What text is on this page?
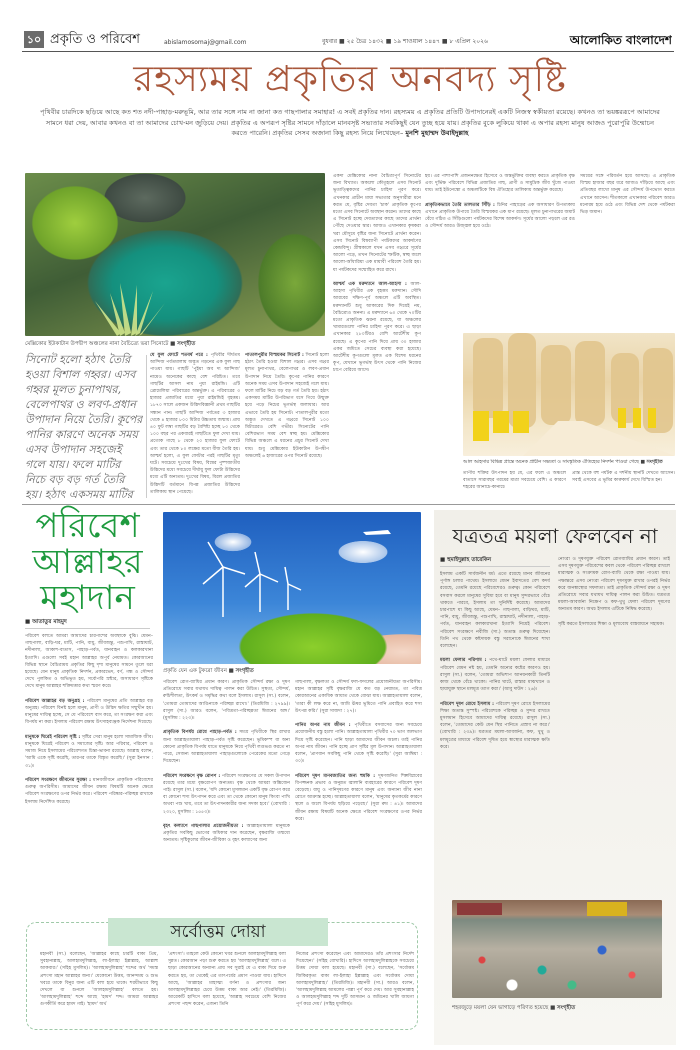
১০ প্রকৃতি ও পরিবেশ	abislamosomaj@gmail.com	বুধবার ■ ২৫ চৈত্র ১৪৩২ ■ ১৯ শাওয়াল ১৪৪৭ ■ ৮ এপ্রিল ২০২৬	আলোকিত বাংলাদেশ
রহস্যময় প্রকৃতির অনবদ্য সৃষ্টি
পৃথিবীর চারদিকে ছড়িয়ে আছে কত শত নদী-পাহাড়-মরুভূমি, আর তার সঙ্গে নাম না জানা কত গাছপালার সমাহার! এ সবই প্রকৃতির দান। রহস্যময় এ প্রকৃতির প্রতিটি উপাদানেরই একটি নিজস্ব স্বকীয়তা রয়েছে। কখনও তা ভয়ঙ্কররূপে আমাদের সামনে ধরা দেয়, আবার কখনও বা তা আমাদের চোখ-মন জুড়িয়ে দেয়। প্রকৃতির এ অপরূপ সৃষ্টির সামনে দাঁড়ালে মানবসৃষ্ট সভ্যতার সবকিছুই যেন তুচ্ছ হয়ে যায়। প্রকৃতির বুকে লুকিয়ে থাকা এ অপার রহস্য মানুষ আজও পুরোপুরি উন্মোচন করতে পারেনি। প্রকৃতির সেসব অজানা কিছু রহস্য নিয়ে লিখেছেন– মুনশি মুহাম্মদ উবাইদুল্লাহ
মেক্সিকোর ইউকাটান উপদ্বীপ অঞ্চলের নানা বৈচিত্র্যে ভরা সিনোটে ■ সংগৃহীত
সিনোট হলো হঠাৎ তৈরি হওয়া বিশাল গহ্বর। এসব গহ্বর মূলত চুনাপাথর, বেলেপাথর ও লবণ-প্রধান উপাদান নিয়ে তৈরি। কূপের পানির কারণে অনেক সময় এসব উপাদান সহজেই গলে যায়। ফলে মাটির নিচে বড় বড় গর্ত তৈরি হয়। হঠাৎ একসময় মাটির
যে ফুল ফোটে শতবর্ষ পরে : পৃথিবীর দীর্ঘতম আন্দিজ পর্বতমালায় অদ্ভুত গড়নের এক ফুল গাছ পাওয়া যায়। গাছটি 'পুইয়া অব দ্য আন্দিজ' নামেও অনেকের কাছে বেশ পরিচিত। তবে গাছটির আসল নাম পুয়া রাইমন্ডি। এটি ব্রোমেলিয়া পরিবারের অন্তর্ভুক্ত। এ পরিবারের ৩ হাজার প্রজাতির মধ্যে পুয়া রাইমন্ডিই বৃহত্তম। ১৮৭০ সালে একজন উদ্ভিদবিজ্ঞানী প্রথম গাছটির সন্ধান পান। গাছটি আন্দিজ পর্বতের ৩ হাজার থেকে ৪ হাজার ৮০০ মিটার উচ্চতায় জন্মায়। প্রায় ৪০ ফুট লম্বা গাছটির বড় বৈশিষ্ট্য হচ্ছে ৮০ থেকে ১০০ বছর পর একবারই গাছটিতে ফুল দেখা যায়। প্রত্যেক গাছে ৮ থেকে ২০ হাজার ফুল ফোটে এবং তার থেকে ৮০ লক্ষের মতো বীজ তৈরি হয়। আশ্চর্য হলো, এ ফুল ফোটার পরই গাছটির মৃত্যু ঘটে। সবচেয়ে দুঃখের বিষয়, বিশ্বের পুষ্পজাতীয় উদ্ভিদের মধ্যে সবচেয়ে দীর্ঘায়ু ফুল ফোটা উদ্ভিদের মধ্যে এটি অন্যতম। দুঃখের বিষয়, বিরল প্রজাতির উদ্ভিদটি বর্তমানে বিপন্ন প্রজাতির উদ্ভিদের তালিকায় স্থান পেয়েছে।
পাতালপুরীর বিস্ময়কর সিনোট : সিনোট হলো হঠাৎ তৈরি হওয়া বিশাল গহ্বর। এসব গহ্বর মূলত চুনাপাথর, বেলেপাথর ও লবণ-প্রধান উপাদান নিয়ে তৈরি। কূপের পানির কারণে অনেক সময় এসব উপাদান সহজেই গলে যায়। ফলে মাটির নিচে বড় বড় গর্ত তৈরি হয়। হঠাৎ একসময় মাটির উপরিভাগ ধসে গিয়ে উন্মুক্ত হয়ে পড়ে নিচের ভূগর্ভস্থ জলাধার। আর এভাবে তৈরি হয় সিনোট। পাতালপুরীর মতো অদ্ভুত দেখতে এ গহ্বরে সিনোট ১০০ মিটারেরও বেশি গভীর। সিনোটের পানি বেশিরভাগ সময় বেশ স্বচ্ছ হয়। মেক্সিকোর বিভিন্ন অঞ্চলে এ ধরনের প্রচুর সিনোট দেখা যায়। শুধু মেক্সিকোর ইউকাটান উপদ্বীপ অঞ্চলেই ৬ হাজারের ওপর সিনোট রয়েছে।
একদা মেক্সিকোর নানা বৈচিত্র্যপূর্ণ সিনোটের জন্য বিখ্যাত। অকলো কৌতূহলে এসব সিনোট ভূতাত্ত্বিকদের পানির চাহিদা পূরণ করে। এখনকার প্রাচীন মায়া সভ্যতার অনুসারীরা মনে করত যে, বৃষ্টির দেবতা 'চাক' প্রাকৃতিক কূপের মতো এসব সিনোটে অবস্থান করেন। তাদের কাছে এ সিনোট হচ্ছে দেবতাদের কাছে তাদের প্রার্থনা পৌঁছে দেওয়ার দ্বার। আজও এখানকার কৃষকরা খরা মৌসুমে বৃষ্টির জন্য সিনোটে প্রার্থনা করেন। এসব সিনোট বিশ্বব্যাপী পর্যটকদের আকর্ষণের কেন্দ্রবিন্দু। গ্রীষ্মকালে যখন এসব গহ্বরে সূর্যের আলো পড়ে, তখন সিনোটের স্ফটিক, স্বচ্ছ জলে আলো-আঁধারিয়া এক মায়াবী পরিবেশ তৈরি হয়। যা পর্যটকদের সম্মোহিত করে রাখে।

আশ্চর্য এক মরুদ্যানে আল-আহসা : আল-আহসা পৃথিবীর এক বৃহত্তম মরুদ্যান। সৌদি আরবের দক্ষিণ-পূর্ব অঞ্চলে এটি অবস্থিত। মরুদ্যানটি শুধু আকারের দিক দিয়েই নয়, বৈচিত্র্যেও অনন্য। এ মরুদ্যানে ৬০ থেকে ৭০টির মতো প্রাকৃতিক ঝরনা রয়েছে, যা অঞ্চলের খামারগুলো পানির চাহিদা পূরণ করে। এ ছাড়া এখানকার ২৮০টিরও বেশি আর্টেশীয় কূপ রয়েছে। এ কূপের পানি দিয়ে প্রায় ৩০ হাজার একর জমিতে সেচের ব্যবস্থা করা হয়েছে। আর্টেশীয় কূপগুলো মূলত এক বিশেষ ধরনের কূপ, যেখানে ভূগর্ভস্থ উৎস থেকে পানি নিজের চাপে বেরিয়ে আসে।
হয়। এর পাশাপাশি প্রজননক্ষেত্র হিসেবে ও অন্তর্ভুক্তির ব্যবস্থা করতে প্রাকৃতিক বৃক্ষ এবং দুর্ভিক্ষ পরিবেশে বিভিন্ন প্রজাতির গাছ, প্রাণী ও সামুদ্রিক জীব খুঁজে পাওয়া যায়। তাই ইউনেস্কো এ অঞ্চলটিকে বিশ্ব ঐতিহ্যের তালিকায় অন্তর্ভুক্ত করেছে।

প্রাকৃতিকভাবে তৈরি তালতার সিঁড়ি : চিনির পাহাড়ের এক অসাধারণ উপত্যকায় এখানে প্রাকৃতিক উপায়ে তৈরি বিস্ময়কর এক ধাপ রয়েছে। মূলত চুনাপাথরের জমাট বেঁধে গঠিত এ সিঁড়িগুলো পর্যটকদের বিশেষ আকর্ষণ। সূর্যের আলো পড়লে এর রঙ ও সৌন্দর্য আরও উজ্জ্বল হয়ে ওঠে।
সময়ের সঙ্গে পরিবর্তন হয়ে আসছে। এ প্রাকৃতিক বিস্ময় হাজার বছর ধরে আজও দাঁড়িয়ে আছে এবং প্রতিবছর লাখো মানুষ এর সৌন্দর্য উপভোগ করতে এখানে আসেন। শীতকালে এখানকার পরিবেশ আরও মনোরম হয়ে ওঠে এবং বিভিন্ন দেশ থেকে পর্যটকরা ভিড় জমান।
আল আহসার বিভিন্ন প্রান্তে অনেক প্রাচীন সভ্যতা ও সাংস্কৃতিক ঐতিহ্যের নিদর্শন পাওয়া গেছে ■ সংগৃহীত
তাপীয় শক্তির উৎপাদন হয় যে, এর ফলে এ অঞ্চলে বাতাসে সারাবছর গরমের মাত্রা সবচেয়ে বেশি। এ কারণে শহরের আনাচে-কানাচে
প্রান্ত থেকে বহু পর্যটক এ দর্শনীয় স্থানটি দেখতে আসেন। সবাই এসবের এ ভূমির কারুকার্য দেখে বিস্মিত হন।
পরিবেশ
আল্লাহর
মহাদান
■ আতাতুর মাহমুদ
প্রকৃতি যেন এক টুকরো জীবন ■ সংগৃহীত
পরিবেশ বলতে আমরা আমাদের চারপাশের অবস্থাকে বুঝি। যেমন– গাছপালা, বাড়ি-ঘর, মাটি, পানি, বায়ু, জীবজন্তু, পশুপাখি, রাস্তাঘাট, নদীনালা, আকাশ-বাতাস, পাহাড়-পর্বত, যানবাহন ও কলকারখানা ইত্যাদি। এগুলো সবই মহান আল্লাহর অপূর্ব নেয়ামত। কোরআনের বিভিন্ন স্থানে বৈচিত্র্যময় প্রকৃতির কিছু দৃশ্য মানুষের সামনে তুলে ধরা হয়েছে। যেন মানুষ প্রাকৃতিক নিদর্শন, প্রকারভেদ, বর্ণ, গন্ধ ও সৌন্দর্য দেখে পুলকিত ও অভিভূত হয়, সর্বোপরি স্রষ্টার, অসাধারণ সৃষ্টিকে দেখে মানুষ আল্লাহর শক্তিমত্তার কথা স্মরণ করে।

পরিবেশ আল্লাহর বড় অনুগ্রহ : পরিবেশ মানুষের প্রতি আল্লাহর বড় অনুগ্রহ। পরিবেশ বিনষ্ট হলে মানুষ, প্রাণী ও উদ্ভিদ ক্ষতির সম্মুখীন হয়। মানুষের দায়িত্ব হচ্ছে, সে যে পরিবেশে বাস করে, তা সংরক্ষণ করা এবং বিপর্যয় না করা। ইসলাম পরিবেশ রক্ষায় উৎসাহব্যঞ্জক নির্দেশনা দিয়েছে।

মানুষকে ঘিরেই পরিবেশ সৃষ্টি : সৃষ্টির সেরা মানুষ হলো সামাজিক জীব। মানুষকে ঘিরেই পরিবেশ ও সমাজের সৃষ্টি। আর পরিবার, পরিবেশ ও সমাজ নিয়ে ইসলামের পরিবেশগত চিন্তা-ভাবনা রয়েছে। আল্লাহ বলেন, 'আমি একে সৃষ্টি করেছি, তারপর তাকে বিস্তৃত করেছি।' (সুরা ইনসান : ৩১)।

পরিবেশ সংরক্ষণে জীবনের সুরক্ষা : মানবজীবনে প্রাকৃতিক পরিবেশের গুরুত্ব অপরিসীম। আমাদের জীবন রক্ষায় বিষয়টি অনেক ক্ষেত্রে পরিবেশ সংরক্ষণের ওপর নির্ভর করে। পরিবেশ পরিষ্কার-পরিচ্ছন্ন রাখাকে ইসলাম নির্দেশিত করেছে।
পরিবেশ রোগ-ব্যাধির প্রধান কারণ। প্রাকৃতিক সৌন্দর্য রক্ষা ও দূষণ প্রতিরোধে সবার যথাযথ দায়িত্ব পালন করা উচিত। সুস্থতা, সৌন্দর্য, রুচিশীলতা, উৎকর্ষ ও সমৃদ্ধির কথা বলে ইসলাম। রাসুল (সা.) বলেন, 'তোমরা তোমাদের আঙিনাকে পরিচ্ছন্ন রাখো।' (তিরমিজি : ২৭৯৯)। রাসুল (সা.) আরও বলেন, 'পবিত্রতা-পরিচ্ছন্নতা ঈমানের অঙ্গ।' (মুসলিম : ২২৩)।

প্রাকৃতিক বিপর্যয় রোধে পাহাড়-পর্বত : সমগ্র পৃথিবীকে স্থির রাখার জন্য আল্লাহতায়ালা পাহাড়-পর্বত সৃষ্টি করেছেন। ভূমিকম্প বা অন্য কোনো প্রাকৃতিক বিপর্যয় যাতে মানুষকে নিয়ে পৃথিবী লণ্ডভণ্ড করতে না পারে, সেজন্য আল্লাহতায়ালা পাহাড়গুলোকে পেরেকের মতো গেড়ে দিয়েছেন।

পরিবেশ সংরক্ষণে বৃক্ষ রোপণ : পরিবেশ সংরক্ষণের যে সকল উপাদান রয়েছে তার মধ্যে বৃক্ষরোপণ অন্যতম। বৃক্ষ থেকে আমরা অক্সিজেন পাই। রাসুল (সা.) বলেন, 'যদি কোনো মুসলমান একটি বৃক্ষ রোপণ করে বা কোনো শস্য উৎপাদন করে এবং তা থেকে কোনো মানুষ কিংবা পাখি অথবা পশু খায়, তবে তা উৎপাদনকারীর জন্য সদকা হবে।' (বোখারি : ২৩২০, মুসলিম : ১৫৫৩)।

বৃহৎ কল্যাণে গাছপালার প্রয়োজনীয়তা : আল্লাহতায়ালা মানুষকে প্রকৃতির সবকিছু ভোগের অধিকার দান করেছেন, বৃক্ষরাজি তন্মধ্যে অন্যতম। সৃষ্টিকুলের জীবন-জীবিকা ও বৃহৎ কল্যাণের জন্য
গাছপালা, বৃক্ষলতা ও সৌন্দর্য ফল-ফসলের প্রয়োজনীয়তা অপরিসীম। মহান আল্লাহর সৃষ্টি বৃক্ষরাজি যে কত বড় নেয়ামত, তা পবিত্র কোরআনের একাধিক আয়াত থেকে বোঝা যায়। আল্লাহতায়ালা বলেন, 'তারা কী লক্ষ করে না, আমি ঊষর ভূমিতে পানি প্রবাহিত করে শস্য উৎপন্ন করি।' (সুরা সাজদা : ২৭)।

পানির অপর নাম জীবন : পৃথিবীতে বসবাসের জন্য সবচেয়ে প্রয়োজনীয় বস্তু হলো পানি। আল্লাহতায়ালা পৃথিবীর ৭০ ভাগ জলভাগ দিয়ে সৃষ্টি করেছেন। পানি ছাড়া আমাদের জীবন অচল। তাই পানির অপর নাম জীবন। পানি হচ্ছে প্রাণ সৃষ্টির মূল উপাদান। আল্লাহতায়ালা বলেন, 'প্রাণবান সবকিছু পানি থেকে সৃষ্টি করেছি।' (সুরা আম্বিয়া : ৩০)।

পরিবেশ দূষণ মানবজাতির জন্য হুমকি : দূষণজনিত শিল্পবিপ্লবের বিপজ্জনক প্রভাব ও অনুন্নত জ্বালানি ব্যবহারের কারণে পরিবেশ দূষণ বেড়েছে। বায়ু ও পানিদূষণের কারণে মানুষ এবং অন্যান্য জীব নানা রোগে আক্রান্ত হচ্ছে। আল্লাহতায়ালা বলেন, 'মানুষের কৃতকর্মের কারণে স্থলে ও জলে বিপর্যয় ছড়িয়ে পড়েছে।' (সুরা রুম : ৪১)। আমাদের জীবন রক্ষায় বিষয়টি অনেক ক্ষেত্রে পরিবেশ সংরক্ষণের ওপর নির্ভর করে।
যত্রতত্র ময়লা ফেলবেন না
■ হুমাইদুল্লাহ তারেকিন
ইসলাম একটি সার্বজনীন ধর্ম। এতে রয়েছে মানব জীবনের পূর্ণাঙ্গ চলার পাথেয়। ইসলামে যেমন ইবাদতের বেশ কদর্য রয়েছে, তেমনি রয়েছে পরিবেশেরও গুরুত্ব। কোন পরিবেশে বসবাস করলে মানুষের সুবিধা হবে বা মানুষ সুন্দরভাবে বেঁচে থাকতে পারবে, ইসলাম তা সুনির্দিষ্ট করেছে। আমাদের চারপাশে যা কিছু আছে, যেমন– গাছপালা, বাড়িঘর, মাটি, পানি, বায়ু, জীবজন্তু, পশুপাখি, রাস্তাঘাট, নদীনালা, পাহাড়-পর্বত, যানবাহন কলকারখানা ইত্যাদি নিয়েই পরিবেশ। পরিবেশ সংরক্ষণে নবীজি (সা.) অত্যন্ত গুরুত্ব দিয়েছেন। তিনি পথ থেকে কষ্টদায়ক বস্তু সরানোকে ঈমানের শাখা বলেছেন।

ময়লা ফেলার পরিণাম : পথে-ঘাটে ময়লা ফেলার মাধ্যমে পরিবেশ যেমন নষ্ট হয়, তেমনি অন্যের কষ্টের কারণও হয়। রাসুল (সা.) বলেন, 'তোমরা অভিশাপ আনয়নকারী তিনটি কাজ থেকে বেঁচে থাকো। পানির ঘাটে, রাস্তার মাঝখানে ও ছায়াযুক্ত স্থানে মলমূত্র ত্যাগ করা।' (আবু দাউদ : ২৬)।

পরিবেশ দূষণ রোধে ইসলাম : পরিবেশ দূষণ রোধে ইসলামের শিক্ষা অত্যন্ত সুস্পষ্ট। পরিবেশকে পরিচ্ছন্ন ও সুন্দর রাখতে মুসলমান হিসেবে আমাদের দায়িত্ব রয়েছে। রাসুল (সা.) বলেন, 'তোমাদের কেউ যেন স্থির পানিতে প্রস্রাব না করে।' (বোখারি : ২৩৯)। যত্রতত্র ময়লা-আবর্জনা, কফ, থুথু ও মলমূত্রের মাধ্যমে পরিবেশ দূষিত হয়ে স্বাস্থ্যের মারাত্মক ক্ষতি করে।
নোংরা ও দূষণযুক্ত পরিবেশ রোগব্যাধির প্রধান কারণ। তাই এসব দূষণযুক্ত পরিবেশের কবল থেকে পরিবেশ পরিচ্ছন্ন রাখলে মারাত্মক ও সংক্রামক রোগ-ব্যাধি থেকে রক্ষা পাওয়া যায়। পক্ষান্তরে এসব নোংরা পরিবেশ দূষণমুক্ত রাখার ওপরই নির্ভর করে জনস্বাস্থ্যের সফলতা। তাই প্রাকৃতিক সৌন্দর্য রক্ষা ও দূষণ প্রতিরোধে সবার যথাযথ দায়িত্ব পালন করা উচিত। যত্রতত্র ময়লা-আবর্জনা নিক্ষেপ ও কফ-থুথু ফেলা পরিবেশ দূষণের অন্যতম কারণ। অথচ ইসলাম এটিকে নিষিদ্ধ করেছে।

সৃষ্টি করতে ইসলামের শিক্ষা ও মূল্যবোধ বাস্তবায়নে সহায়ক।
শহরজুড়ে ময়লা যেন ভাগাড়ে পরিণত হয়েছে ■ সংগৃহীত
সর্বোত্তম দোয়া
মহানবী (সা.) বলেছেন, 'আল্লাহর কাছে চারটি বাক্য প্রিয়, সুবহানাল্লাহ, আলহামদুলিল্লাহ, লা-ইলাহা ইল্লাল্লাহ, আল্লাহু আকবার।' (সহিহ মুসলিম)। 'আলহামদুলিল্লাহ' শব্দের অর্থ 'সমস্ত প্রশংসা মহান আল্লাহর জন্য।' যেকোনো উত্তম, আনন্দময় ও শুভ খবরে তাকে বিনুর জন্য এটি বলা হয়ে থাকে। শরয়ীভাবে কিছু দেখলে বা শুনলে 'আলহামদুলিল্লাহ' বলতে হয়। 'আলহামদুলিল্লাহ' শব্দে আছে 'হামদ' শব্দ। আমরা আল্লাহর গুণকীর্তি করে হামদ গাই। 'হামদ' অর্থ
'প্রশংসা'। তাহলে কেউ কোনো খবর শুনলে আলহামদুলিল্লাহ বলা সুন্নত। কোরআন পড়া শুরু করতে হয় 'আলহামদুলিল্লাহ' বলে। এ ছাড়া কোরআনের অন্যান্য প্রায় সব সুরাই যে এ বাক্য দিয়ে শুরু করতে হয়, তা থেকেই এর তাৎপর্যের প্রমাণ পাওয়া যায়। হাদিসে আছে, 'আল্লাহর মাহাত্ম্য বর্ণনা ও প্রশংসার জন্য আলহামদুলিল্লাহর চেয়ে উত্তম বাক্য আর নেই।' (তিরমিজি)। আরেকটি হাদিসে বলা হয়েছে, 'আল্লাহ সবচেয়ে বেশি নিজের প্রশংসা পছন্দ করেন, এজন্য তিনি
নিজের প্রশংসা করেছেন এবং আমাদেরও তাঁর প্রশংসার নির্দেশ দিয়েছেন।' (সহিহ বোখারি)। হাদিসে আলহামদুলিল্লাহকে সবচেয়ে উত্তম দোয়া বলা হয়েছে। মহানবী (সা.) বলেছেন, 'সর্বোত্তম জিকিরকৃত্য বাক্য লা-ইলাহা ইল্লাল্লাহ এবং সর্বোত্তম দোয়া আলহামদুলিল্লাহ।' (তিরমিজি)। মহানবী (সা.) আরও বলেন, 'আলহামদুলিল্লাহ আমলের পাল্লা পূর্ণ করে দেয়। আর সুবহানাল্লাহ ও আলহামদুলিল্লাহ শব্দ দুটি আসমান ও জমিনের খালি জায়গা পূর্ণ করে দেয়।' (সহিহ মুসলিম)।
